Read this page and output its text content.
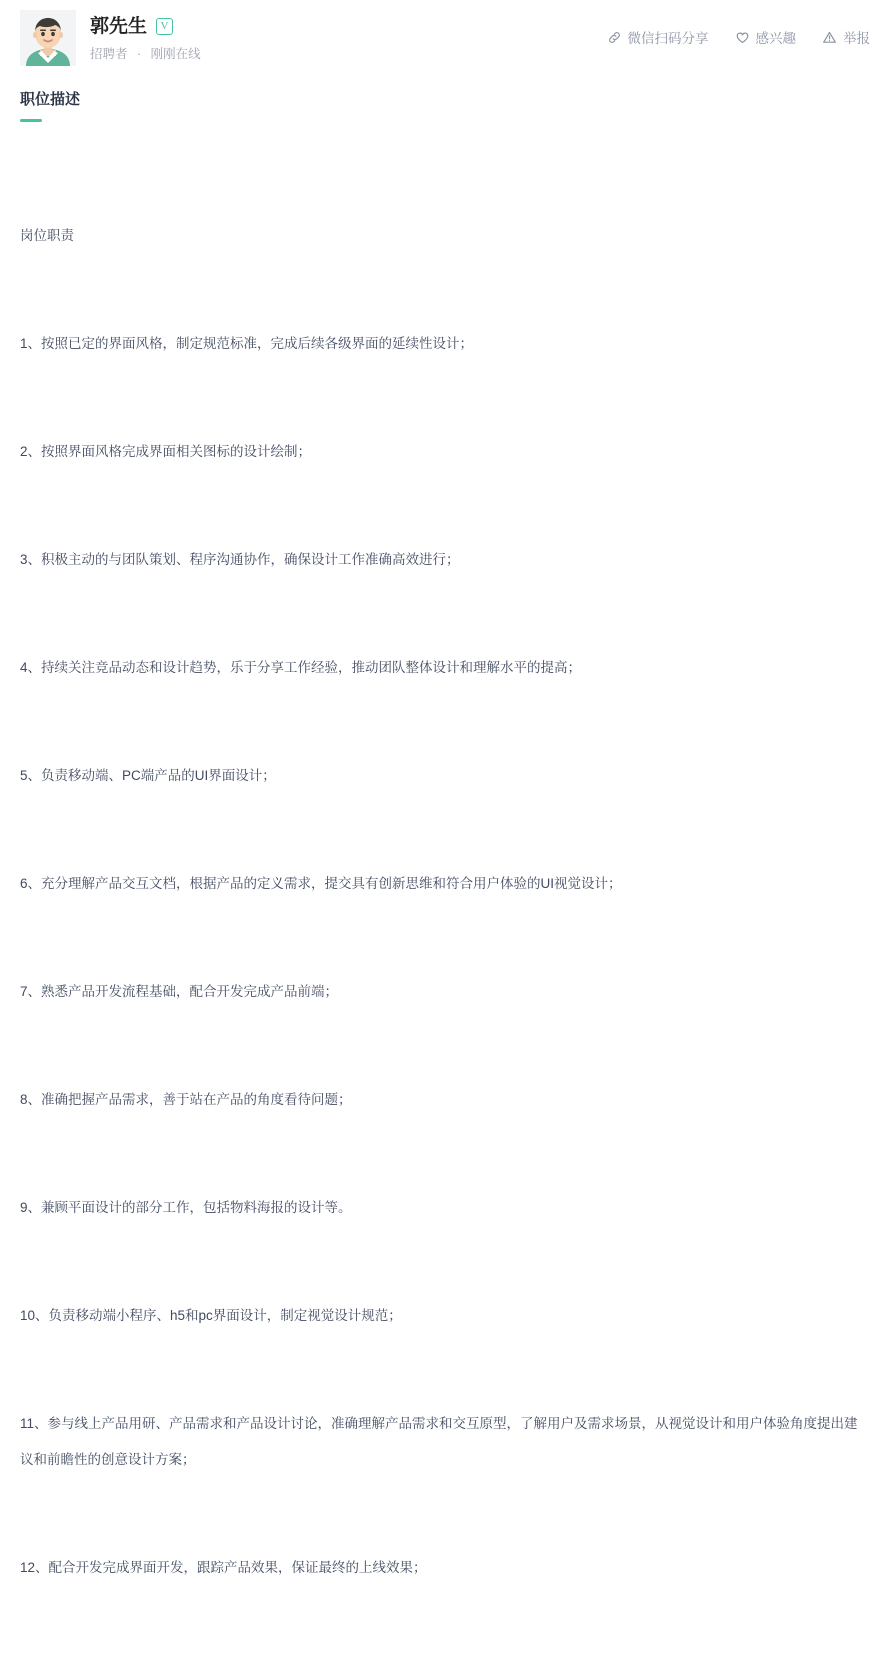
郭先生	V
招聘者 · 刚刚在线
微信扫码分享	感兴趣	举报
职位描述

岗位职责

1、按照已定的界面风格，制定规范标准，完成后续各级界面的延续性设计；

2、按照界面风格完成界面相关图标的设计绘制；

3、积极主动的与团队策划、程序沟通协作，确保设计工作准确高效进行；

4、持续关注竞品动态和设计趋势，乐于分享工作经验，推动团队整体设计和理解水平的提高；

5、负责移动端、PC端产品的UI界面设计；

6、充分理解产品交互文档，根据产品的定义需求，提交具有创新思维和符合用户体验的UI视觉设计；

7、熟悉产品开发流程基础，配合开发完成产品前端；

8、准确把握产品需求，善于站在产品的角度看待问题；

9、兼顾平面设计的部分工作，包括物料海报的设计等。

10、负责移动端小程序、h5和pc界面设计，制定视觉设计规范；

11、参与线上产品用研、产品需求和产品设计讨论，准确理解产品需求和交互原型，了解用户及需求场景，从视觉设计和用户体验角度提出建议和前瞻性的创意设计方案；

12、配合开发完成界面开发，跟踪产品效果，保证最终的上线效果；
